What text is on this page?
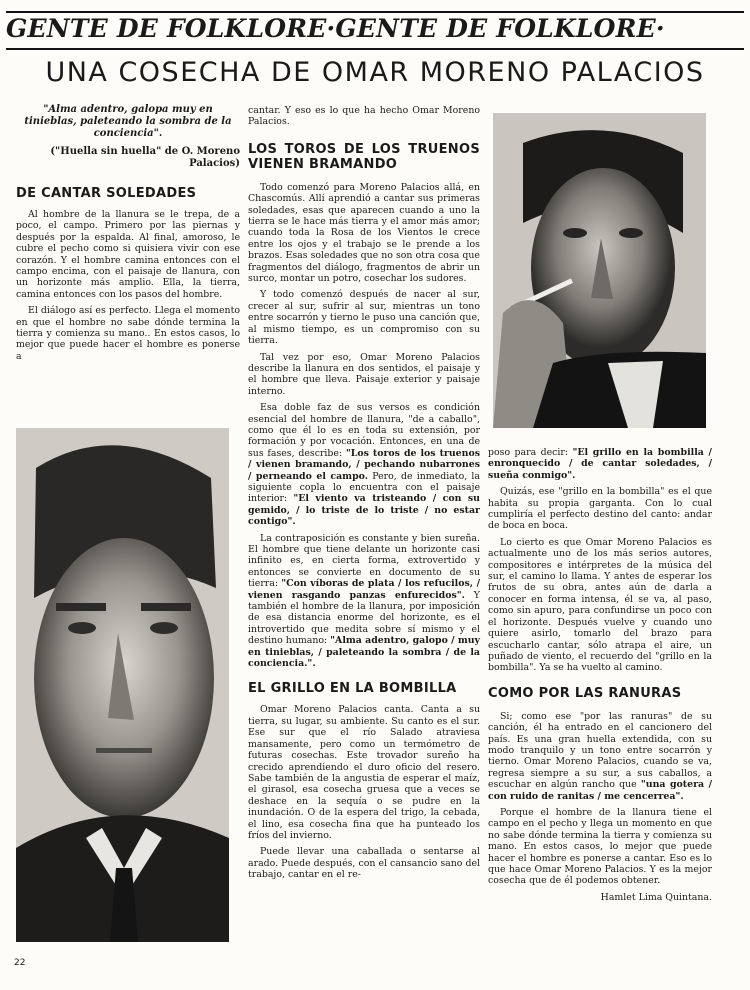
GENTE DE FOLKLORE·GENTE DE FOLKLORE·
UNA COSECHA DE OMAR MORENO PALACIOS
"Alma adentro, galopa muy en tinieblas, paleteando la sombra de la conciencia".
("Huella sin huella" de O. Moreno Palacios)
DE CANTAR SOLEDADES

Al hombre de la llanura se le trepa, de a poco, el campo. Primero por las piernas y después por la espalda. Al final, amoroso, le cubre el pecho como si quisiera vivir con ese corazón. Y el hombre camina entonces con el campo encima, con el paisaje de llanura, con un horizonte más amplio. Ella, la tierra, camina entonces con los pasos del hombre.

El diálogo así es perfecto. Llega el momento en que el hombre no sabe dónde termina la tierra y comienza su mano.. En estos casos, lo mejor que puede hacer el hombre es ponerse a

cantar. Y eso es lo que ha hecho Omar Moreno Palacios.

LOS TOROS DE LOS TRUENOS VIENEN BRAMANDO

Todo comenzó para Moreno Palacios allá, en Chascomús. Allí aprendió a cantar sus primeras soledades, esas que aparecen cuando a uno la tierra se le hace más tierra y el amor más amor; cuando toda la Rosa de los Vientos le crece entre los ojos y el trabajo se le prende a los brazos. Esas soledades que no son otra cosa que fragmentos del diálogo, fragmentos de abrir un surco, montar un potro, cosechar los sudores.

Y todo comenzó después de nacer al sur, crecer al sur, sufrir al sur, mientras un tono entre socarrón y tierno le puso una canción que, al mismo tiempo, es un compromiso con su tierra.

Tal vez por eso, Omar Moreno Palacios describe la llanura en dos sentidos, el paisaje y el hombre que lleva. Paisaje exterior y paisaje interno.

Esa doble faz de sus versos es condición esencial del hombre de llanura, "de a caballo", como que él lo es en toda su extensión, por formación y por vocación. Entonces, en una de sus fases, describe: "Los toros de los truenos / vienen bramando, / pechando nubarrones / perneando el campo. Pero, de inmediato, la siguiente copla lo encuentra con el paisaje interior: "El viento va tristeando / con su gemido, / lo triste de lo triste / no estar contigo".

La contraposición es constante y bien sureña. El hombre que tiene delante un horizonte casi infinito es, en cierta forma, extrovertido y entonces se convierte en documento de su tierra: "Con víboras de plata / los refucilos, / vienen rasgando panzas enfurecidos". Y también el hombre de la llanura, por imposición de esa distancia enorme del horizonte, es el introvertido que medita sobre sí mismo y el destino humano: "Alma adentro, galopo / muy en tinieblas, / paleteando la sombra / de la conciencia.".

EL GRILLO EN LA BOMBILLA

Omar Moreno Palacios canta. Canta a su tierra, su lugar, su ambiente. Su canto es el sur. Ese sur que el río Salado atraviesa mansamente, pero como un termómetro de futuras cosechas. Este trovador sureño ha crecido aprendiendo el duro oficio del resero. Sabe también de la angustia de esperar el maíz, el girasol, esa cosecha gruesa que a veces se deshace en la sequía o se pudre en la inundación. O de la espera del trigo, la cebada, el lino, esa cosecha fina que ha punteado los fríos del invierno.

Puede llevar una caballada o sentarse al arado. Puede después, con el cansancio sano del trabajo, cantar en el re-

poso para decir: "El grillo en la bombilla / enronquecido / de cantar soledades, / sueña conmigo".

Quizás, ese "grillo en la bombilla" es el que habita su propia garganta. Con lo cual cumpliría el perfecto destino del canto: andar de boca en boca.

Lo cierto es que Omar Moreno Palacios es actualmente uno de los más serios autores, compositores e intérpretes de la música del sur, el camino lo llama. Y antes de esperar los frutos de su obra, antes aún de darla a conocer en forma intensa, él se va, al paso, como sin apuro, para confundirse un poco con el horizonte. Después vuelve y cuando uno quiere asirlo, tomarlo del brazo para escucharlo cantar, sólo atrapa el aire, un puñado de viento, el recuerdo del "grillo en la bombilla". Ya se ha vuelto al camino.

COMO POR LAS RANURAS

Si; como ese "por las ranuras" de su canción, él ha entrado en el cancionero del país. Es una gran huella extendida, con su modo tranquilo y un tono entre socarrón y tierno. Omar Moreno Palacios, cuando se va, regresa siempre a su sur, a sus caballos, a escuchar en algún rancho que "una gotera / con ruido de ranitas / me cencerrea".

Porque el hombre de la llanura tiene el campo en el pecho y llega un momento en que no sabe dónde termina la tierra y comienza su mano. En estos casos, lo mejor que puede hacer el hombre es ponerse a cantar. Eso es lo que hace Omar Moreno Palacios. Y es la mejor cosecha que de él podemos obtener.

Hamlet Lima Quintana.
22
